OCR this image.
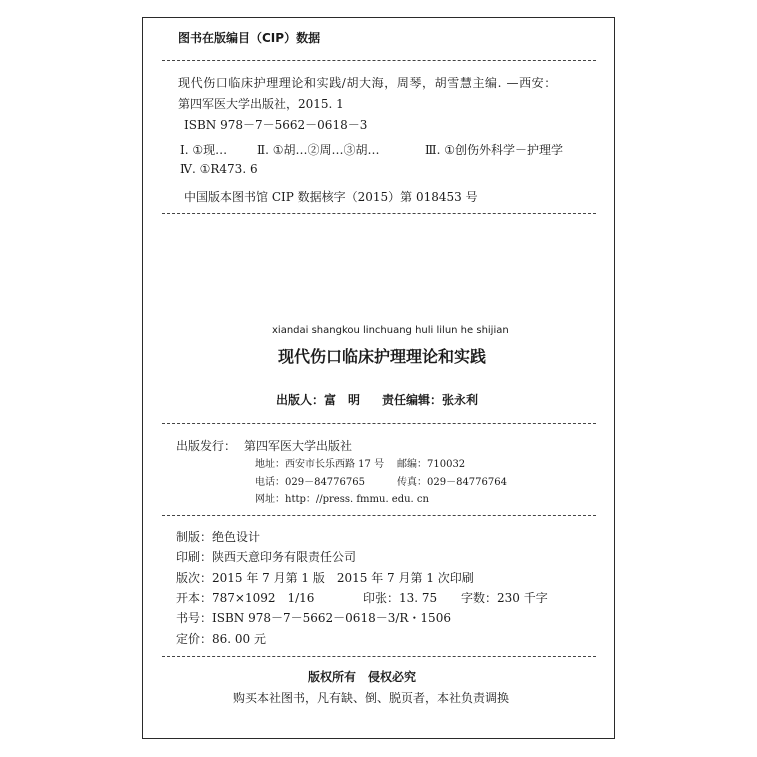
图书在版编目（CIP）数据
现代伤口临床护理理论和实践/胡大海，周琴，胡雪慧主编. —西安：
第四军医大学出版社，2015. 1
ISBN 978－7－5662－0618－3
Ⅰ. ①现… Ⅱ. ①胡…②周…③胡…	Ⅲ. ①创伤外科学－护理学
Ⅳ. ①R473. 6
中国版本图书馆 CIP 数据核字（2015）第 018453 号
xiandai shangkou linchuang huli lilun he shijian
现代伤口临床护理理论和实践
出版人：富　明 责任编辑：张永利
出版发行： 第四军医大学出版社
地址：西安市长乐西路 17 号 邮编：710032
电话：029－84776765	传真：029－84776764
网址：http：//press. fmmu. edu. cn
制版：绝色设计
印刷：陕西天意印务有限责任公司
版次：2015 年 7 月第 1 版　2015 年 7 月第 1 次印刷
开本：787×1092　1/16	印张：13. 75 字数：230 千字
书号：ISBN 978－7－5662－0618－3/R・1506
定价：86. 00 元
版权所有　侵权必究
购买本社图书，凡有缺、倒、脱页者，本社负责调换
